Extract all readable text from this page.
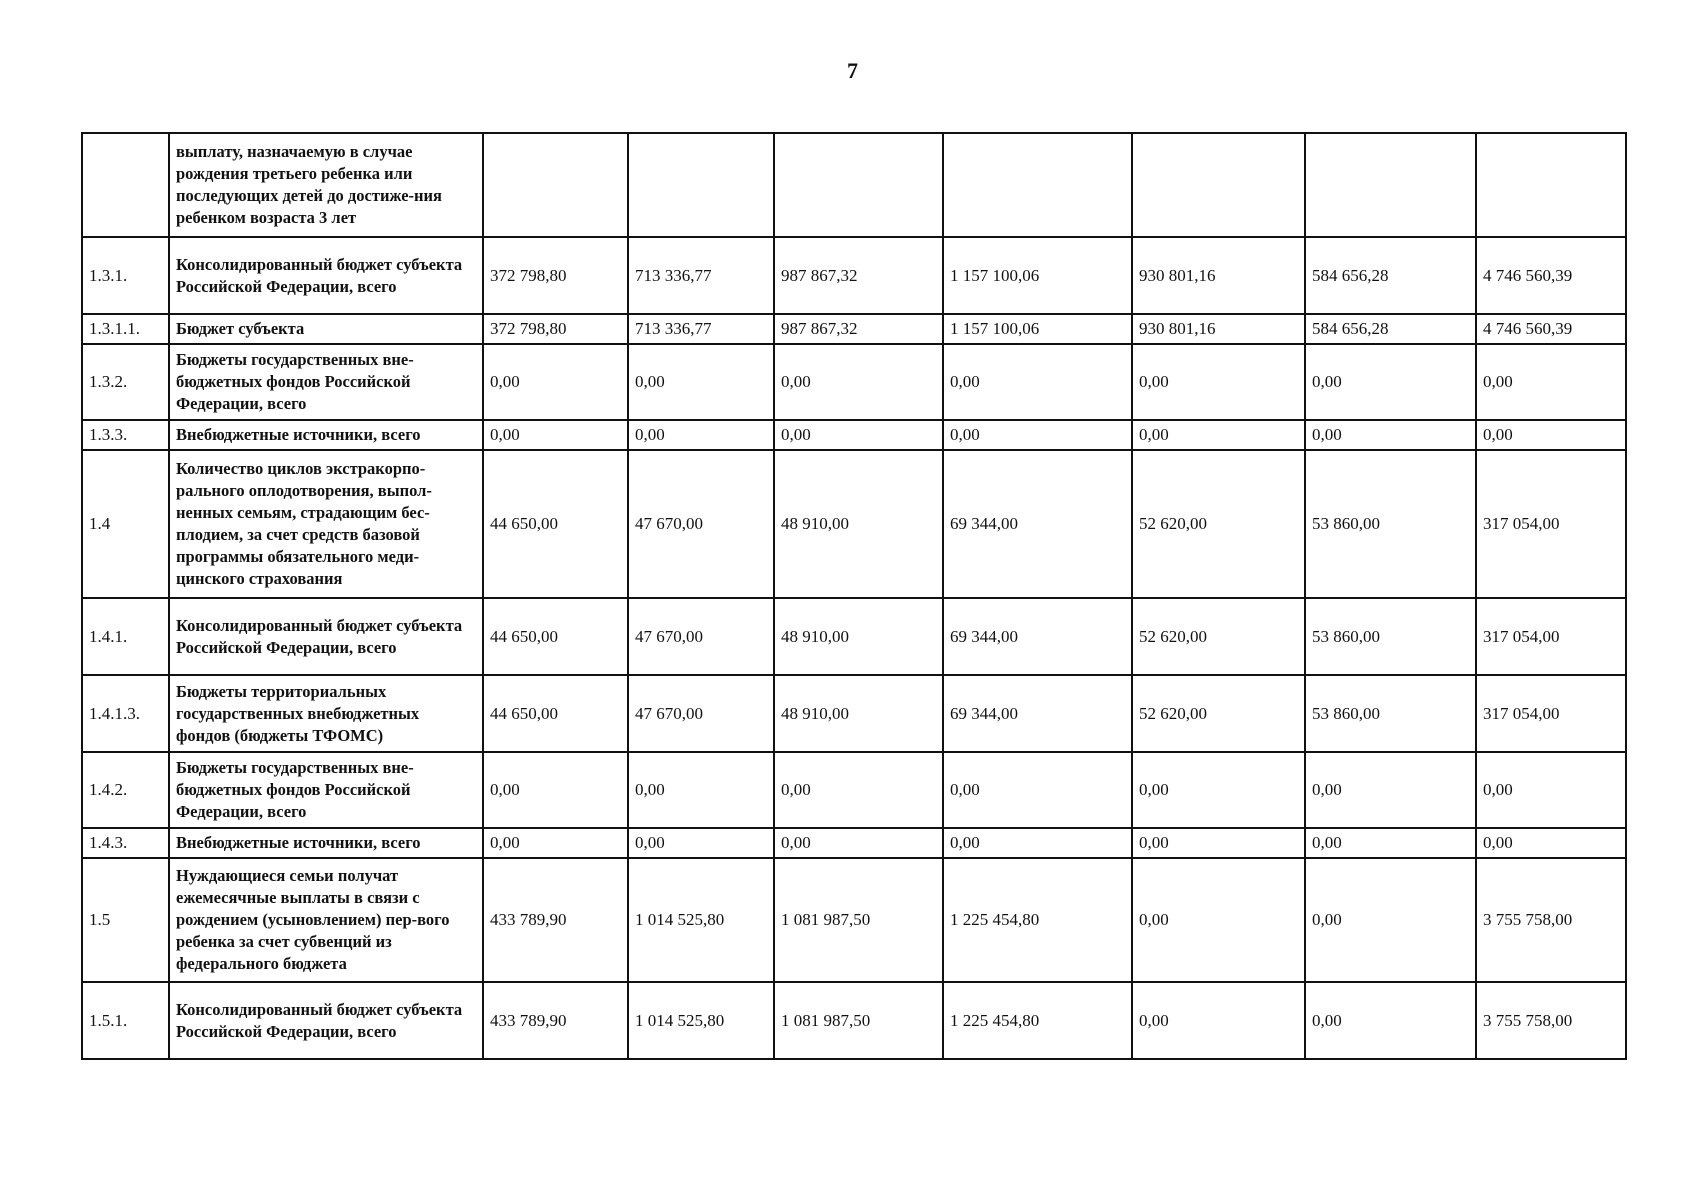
7
	выплату, назначаемую в случае рождения третьего ребенка или последующих детей до достиже-ния ребенком возраста 3 лет							
1.3.1.	Консолидированный бюджет субъекта Российской Федерации, всего	372 798,80	713 336,77	987 867,32	1 157 100,06	930 801,16	584 656,28	4 746 560,39
1.3.1.1.	Бюджет субъекта	372 798,80	713 336,77	987 867,32	1 157 100,06	930 801,16	584 656,28	4 746 560,39
1.3.2.	Бюджеты государственных вне-бюджетных фондов Российской Федерации, всего	0,00	0,00	0,00	0,00	0,00	0,00	0,00
1.3.3.	Внебюджетные источники, всего	0,00	0,00	0,00	0,00	0,00	0,00	0,00
1.4	Количество циклов экстракорпо-рального оплодотворения, выпол-ненных семьям, страдающим бес-плодием, за счет средств базовой программы обязательного меди-цинского страхования	44 650,00	47 670,00	48 910,00	69 344,00	52 620,00	53 860,00	317 054,00
1.4.1.	Консолидированный бюджет субъекта Российской Федерации, всего	44 650,00	47 670,00	48 910,00	69 344,00	52 620,00	53 860,00	317 054,00
1.4.1.3.	Бюджеты территориальных государственных внебюджетных фондов (бюджеты ТФОМС)	44 650,00	47 670,00	48 910,00	69 344,00	52 620,00	53 860,00	317 054,00
1.4.2.	Бюджеты государственных вне-бюджетных фондов Российской Федерации, всего	0,00	0,00	0,00	0,00	0,00	0,00	0,00
1.4.3.	Внебюджетные источники, всего	0,00	0,00	0,00	0,00	0,00	0,00	0,00
1.5	Нуждающиеся семьи получат ежемесячные выплаты в связи с рождением (усыновлением) пер-вого ребенка за счет субвенций из федерального бюджета	433 789,90	1 014 525,80	1 081 987,50	1 225 454,80	0,00	0,00	3 755 758,00
1.5.1.	Консолидированный бюджет субъекта Российской Федерации, всего	433 789,90	1 014 525,80	1 081 987,50	1 225 454,80	0,00	0,00	3 755 758,00
